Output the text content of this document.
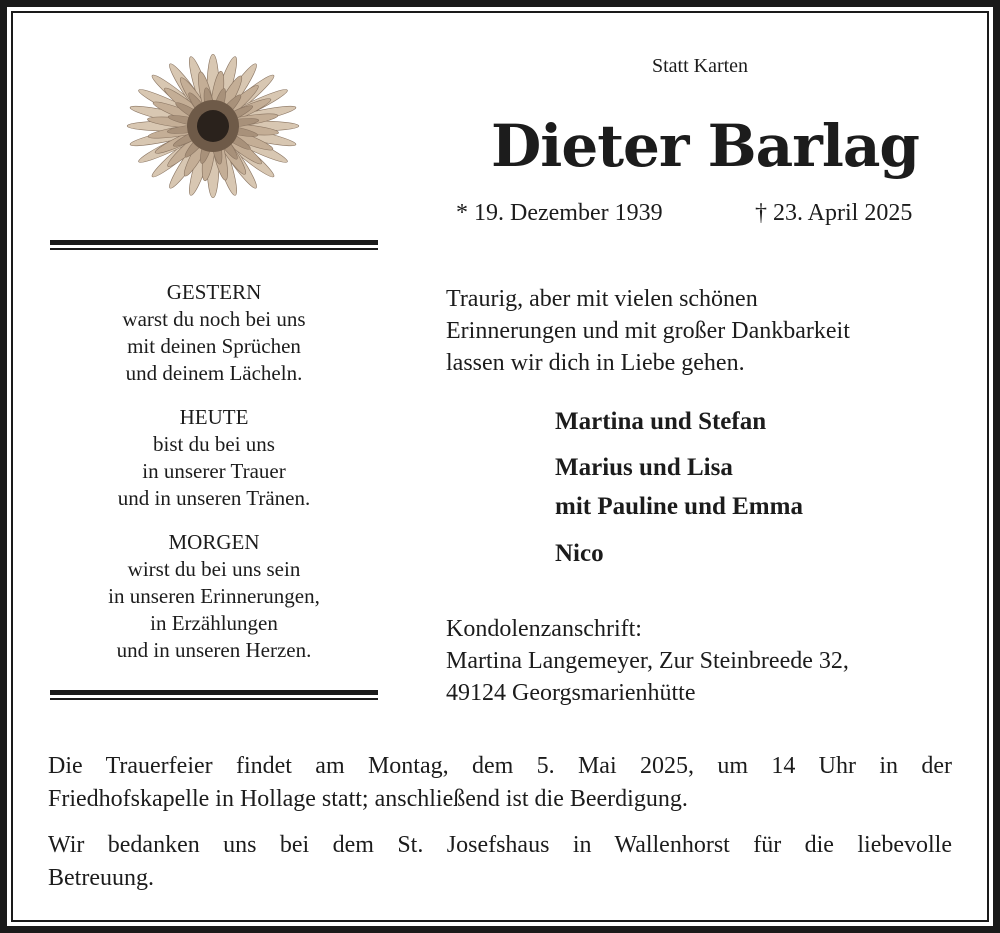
GESTERN
warst du noch bei uns
mit deinen Sprüchen
und deinem Lächeln.
HEUTE
bist du bei uns
in unserer Trauer
und in unseren Tränen.
MORGEN
wirst du bei uns sein
in unseren Erinnerungen,
in Erzählungen
und in unseren Herzen.
Statt Karten
Dieter Barlag
* 19. Dezember 1939	† 23. April 2025
Traurig, aber mit vielen schönen
Erinnerungen und mit großer Dankbarkeit
lassen wir dich in Liebe gehen.
Martina und Stefan
Marius und Lisa
mit Pauline und Emma
Nico
Kondolenzanschrift:
Martina Langemeyer, Zur Steinbreede 32,
49124 Georgsmarienhütte
Die Trauerfeier findet am Montag, dem 5. Mai 2025, um 14 Uhr in der
Friedhofskapelle in Hollage statt; anschließend ist die Beerdigung.
Wir bedanken uns bei dem St. Josefshaus in Wallenhorst für die liebevolle
Betreuung.
